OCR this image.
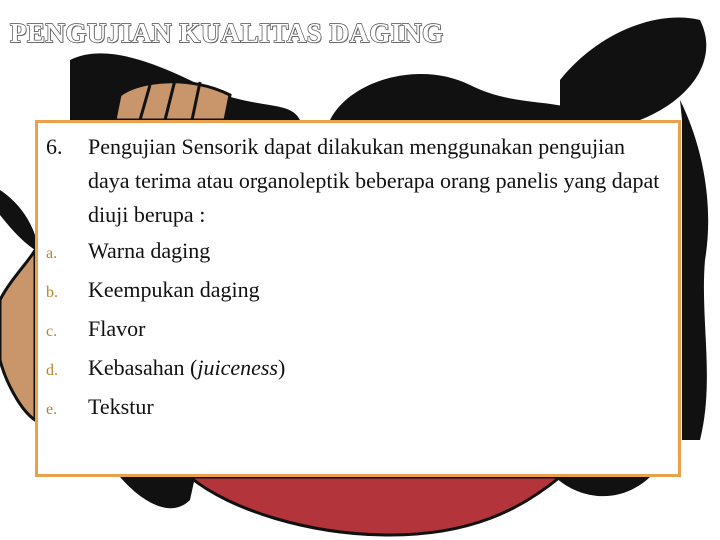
PENGUJIAN KUALITAS DAGING
6.	Pengujian Sensorik dapat dilakukan menggunakan pengujian daya terima atau organoleptik beberapa orang panelis yang dapat diuji berupa :
a.	Warna daging
b.	Keempukan daging
c.	Flavor
d.	Kebasahan (juiceness)
e.	Tekstur
